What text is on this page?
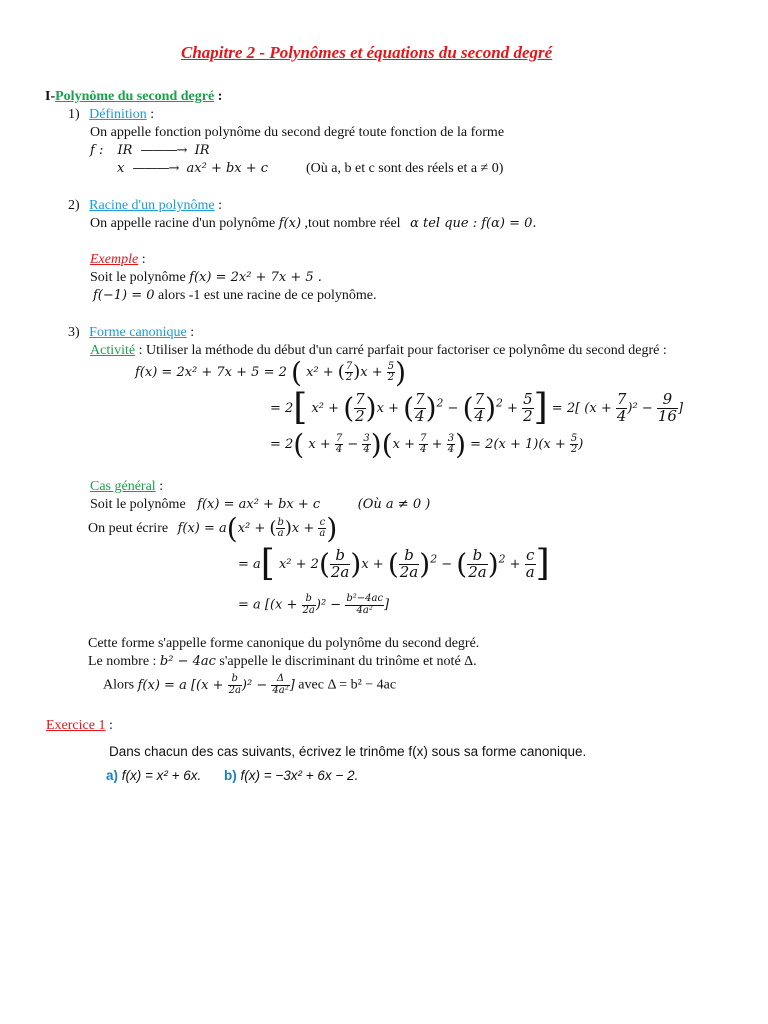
Chapitre 2 - Polynômes et équations du second degré
I-Polynôme du second degré :
1) Définition :
On appelle fonction polynôme du second degré toute fonction de la forme
f : IR ———→ IR
x ———→ ax² + bx + c	(Où a, b et c sont des réels et a ≠ 0)
2) Racine d'un polynôme :
On appelle racine d'un polynôme f(x) ,tout nombre réel α tel que : f(α) = 0.
Exemple :
Soit le polynôme f(x) = 2x² + 7x + 5 .
f(−1) = 0 alors -1 est une racine de ce polynôme.
3) Forme canonique :
Activité : Utiliser la méthode du début d'un carré parfait pour factoriser ce polynôme du second degré :
f(x) = 2x² + 7x + 5 = 2 ( x² + ( $\frac{7}{2} )x + \frac{5}{2}$ )
= 2[ x² + ( $\frac{7}{2} )x$ + ( $\frac{7}{4} )^2$ − ( $\frac{7}{4} )^2 + \frac{5}{2}$ ] = 2[ $(x + \frac{7}{4} )^2 - \frac{9}{16}$ ]
= 2( $x + \frac{7}{4} - \frac{3}{4} )(x + \frac{7}{4} + \frac{3}{4}$ ) = $2(x + 1)(x + \frac{5}{2}$ )
Cas général :
Soit le polynôme f(x) = ax² + bx + c	(Où a ≠ 0 )
On peut écrire f(x) = a(x² + ( $\frac{b}{a} )x + \frac{c}{a}$ )
= a[ $x^2 + 2( \frac{b}{2a} )x$ + ( $\frac{b}{2a} )^2$ − ( $\frac{b}{2a} )^2 + \frac{c}{a}$ ]
= a [$(x + \frac{b}{2a} )^2 - \frac{\text{b²−4ac}}{\text{4a²}}$ ]
Cette forme s'appelle forme canonique du polynôme du second degré.
Le nombre : b² − 4ac s'appelle le discriminant du trinôme et noté Δ.
Alors f(x) = a [$(x + \frac{b}{2a} )^2 - \frac{\Delta}{\text{4a²}}$ ] avec Δ = b² − 4ac
Exercice 1 :
Dans chacun des cas suivants, écrivez le trinôme f(x) sous sa forme canonique.
a) f(x) = x² + 6x. b) f(x) = −3x² + 6x − 2.
